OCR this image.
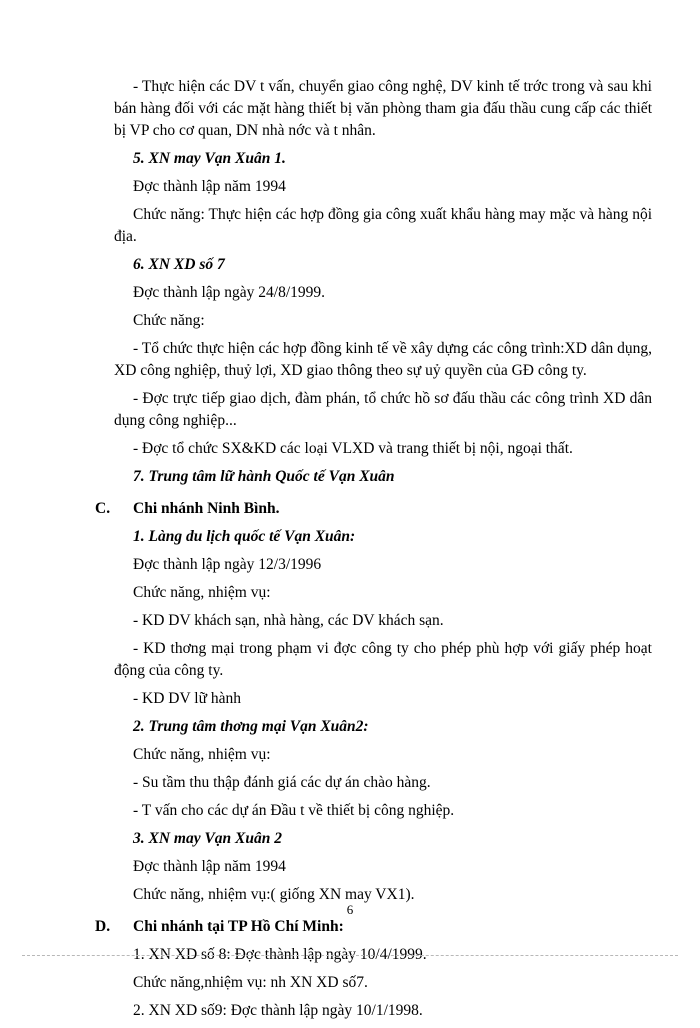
- Thực hiện các DV t vấn, chuyển giao công nghệ, DV kinh tế trớc trong và sau khi bán hàng đối với các mặt hàng thiết bị văn phòng tham gia đấu thầu cung cấp các thiết bị VP cho cơ quan, DN nhà nớc và t nhân.

5. XN may Vạn Xuân 1.

Đợc thành lập năm 1994

Chức năng: Thực hiện các hợp đồng gia công xuất khẩu hàng may mặc và hàng nội địa.

6. XN XD số 7

Đợc thành lập ngày 24/8/1999.

Chức năng:

- Tổ chức thực hiện các hợp đồng kinh tế về xây dựng các công trình:XD dân dụng, XD công nghiệp, thuỷ lợi, XD giao thông theo sự uỷ quyền của GĐ công ty.

- Đợc trực tiếp giao dịch, đàm phán, tổ chức hồ sơ đấu thầu các công trình XD dân dụng công nghiệp...

- Đợc tổ chức SX&KD các loại VLXD và trang thiết bị nội, ngoại thất.

7. Trung tâm lữ hành Quốc tế Vạn Xuân

C. Chi nhánh Ninh Bình.

1. Làng du lịch quốc tế Vạn Xuân:

Đợc thành lập ngày 12/3/1996

Chức năng, nhiệm vụ:

- KD DV khách sạn, nhà hàng, các DV khách sạn.

- KD thơng mại trong phạm vi đợc công ty cho phép phù hợp với giấy phép hoạt động của công ty.

- KD DV lữ hành

2. Trung tâm thơng mại Vạn Xuân2:

Chức năng, nhiệm vụ:

- Su tầm thu thập đánh giá các dự án chào hàng.

- T vấn cho các dự án Đầu t về thiết bị công nghiệp.

3. XN may Vạn Xuân 2

Đợc thành lập năm 1994

Chức năng, nhiệm vụ:( giống XN may VX1).

D. Chi nhánh tại TP Hồ Chí Minh:

1. XN XD số 8: Đợc thành lập ngày 10/4/1999.

Chức năng,nhiệm vụ: nh XN XD số7.

2. XN XD số9: Đợc thành lập ngày 10/1/1998.

6
